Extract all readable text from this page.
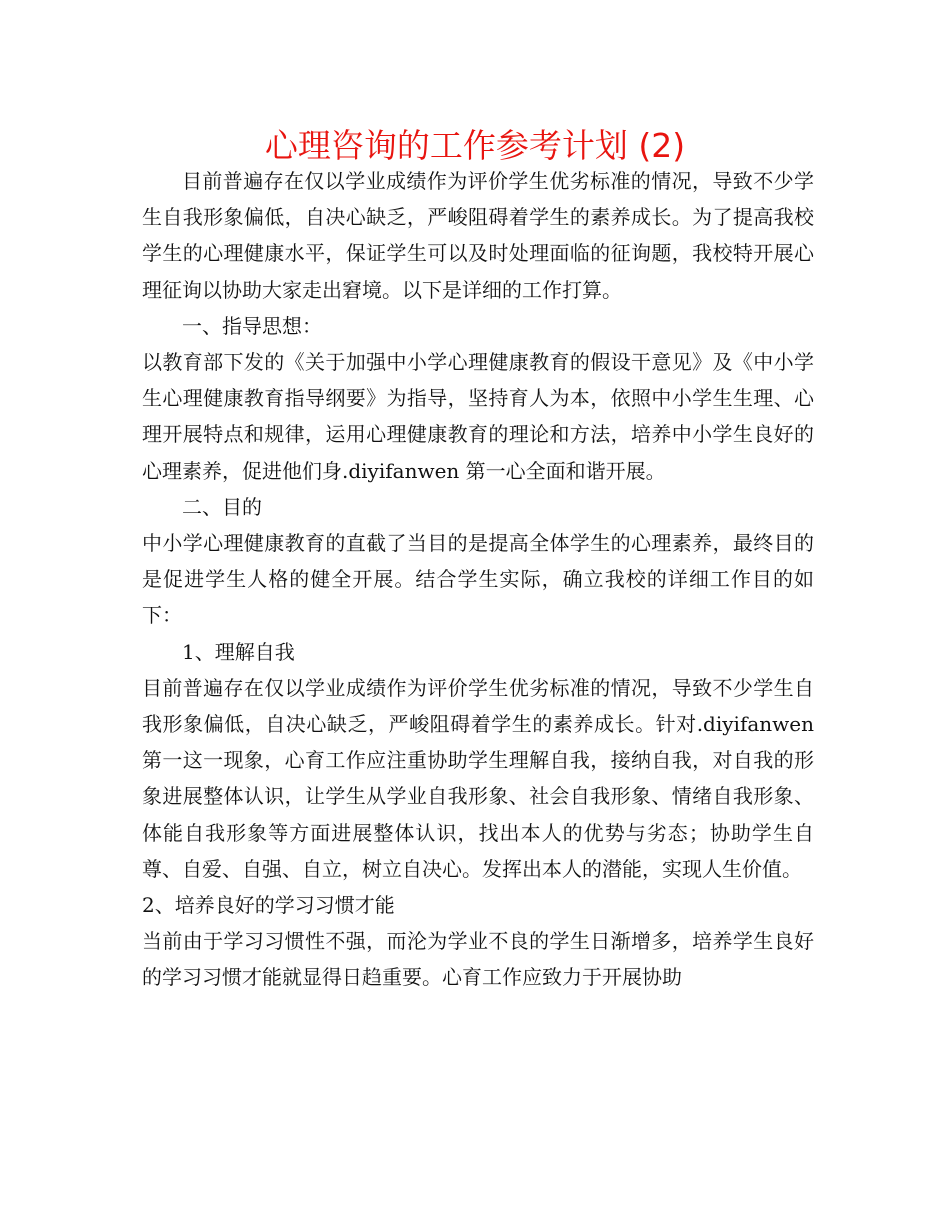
心理咨询的工作参考计划 (2)

目前普遍存在仅以学业成绩作为评价学生优劣标准的情况，导致不少学生自我形象偏低，自决心缺乏，严峻阻碍着学生的素养成长。为了提高我校学生的心理健康水平，保证学生可以及时处理面临的征询题，我校特开展心理征询以协助大家走出窘境。以下是详细的工作打算。

一、指导思想：

以教育部下发的《关于加强中小学心理健康教育的假设干意见》及《中小学生心理健康教育指导纲要》为指导，坚持育人为本，依照中小学生生理、心理开展特点和规律，运用心理健康教育的理论和方法，培养中小学生良好的心理素养，促进他们身.diyifanwen 第一心全面和谐开展。

二、目的

中小学心理健康教育的直截了当目的是提高全体学生的心理素养，最终目的是促进学生人格的健全开展。结合学生实际，确立我校的详细工作目的如下：

1、理解自我

目前普遍存在仅以学业成绩作为评价学生优劣标准的情况，导致不少学生自我形象偏低，自决心缺乏，严峻阻碍着学生的素养成长。针对.diyifanwen 第一这一现象，心育工作应注重协助学生理解自我，接纳自我，对自我的形象进展整体认识，让学生从学业自我形象、社会自我形象、情绪自我形象、体能自我形象等方面进展整体认识，找出本人的优势与劣态；协助学生自尊、自爱、自强、自立，树立自决心。发挥出本人的潜能，实现人生价值。

2、培养良好的学习习惯才能

当前由于学习习惯性不强，而沦为学业不良的学生日渐增多，培养学生良好的学习习惯才能就显得日趋重要。心育工作应致力于开展协助
